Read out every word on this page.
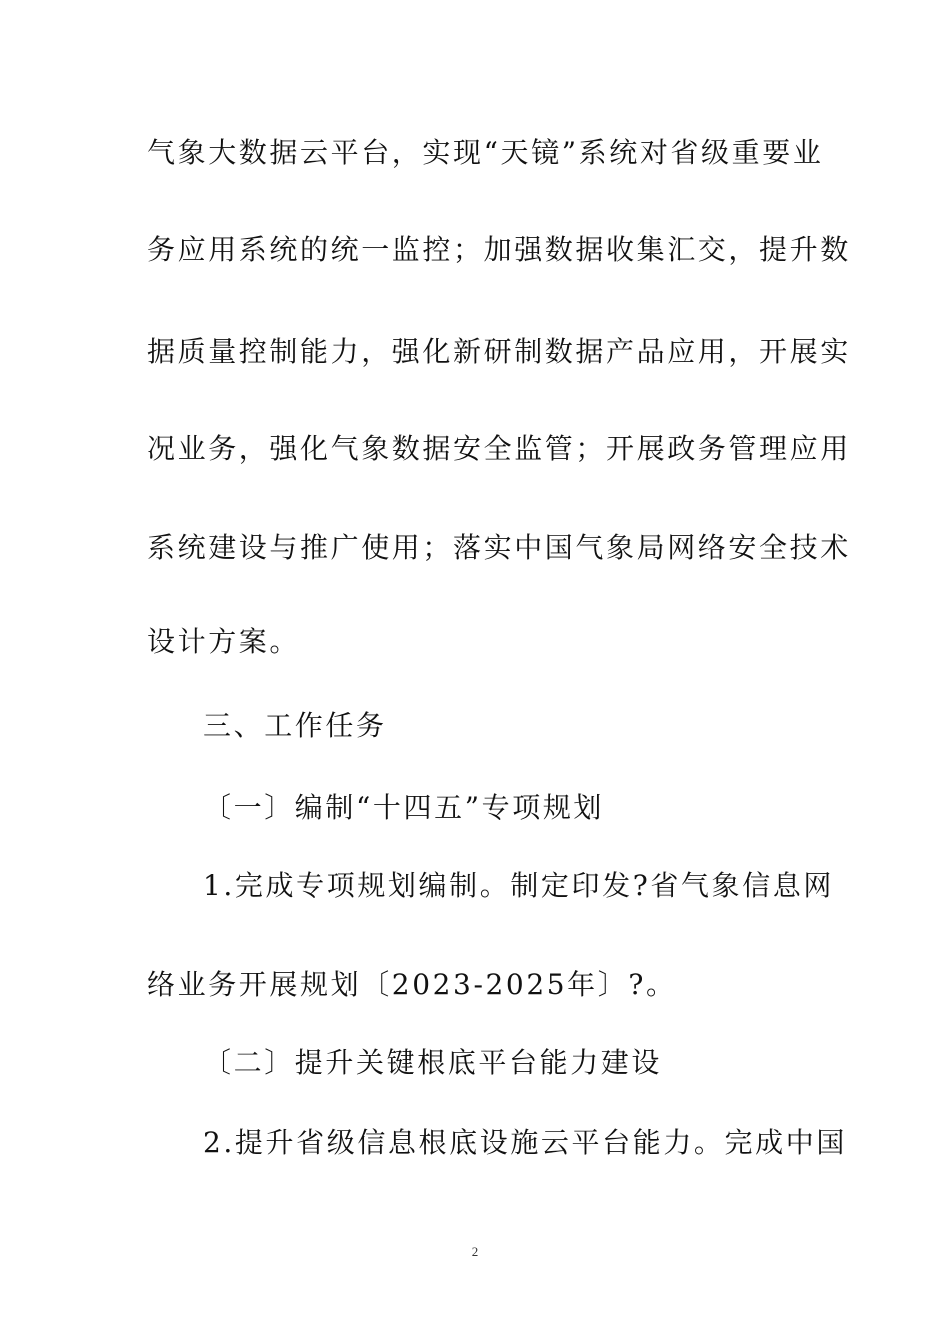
气象大数据云平台，实现“天镜”系统对省级重要业
务应用系统的统一监控；加强数据收集汇交，提升数
据质量控制能力，强化新研制数据产品应用，开展实
况业务，强化气象数据安全监管；开展政务管理应用
系统建设与推广使用；落实中国气象局网络安全技术
设计方案。
三、工作任务
〔一〕编制“十四五”专项规划
1.完成专项规划编制。制定印发?省气象信息网
络业务开展规划〔2023-2025年〕?。
〔二〕提升关键根底平台能力建设
2.提升省级信息根底设施云平台能力。完成中国
2
